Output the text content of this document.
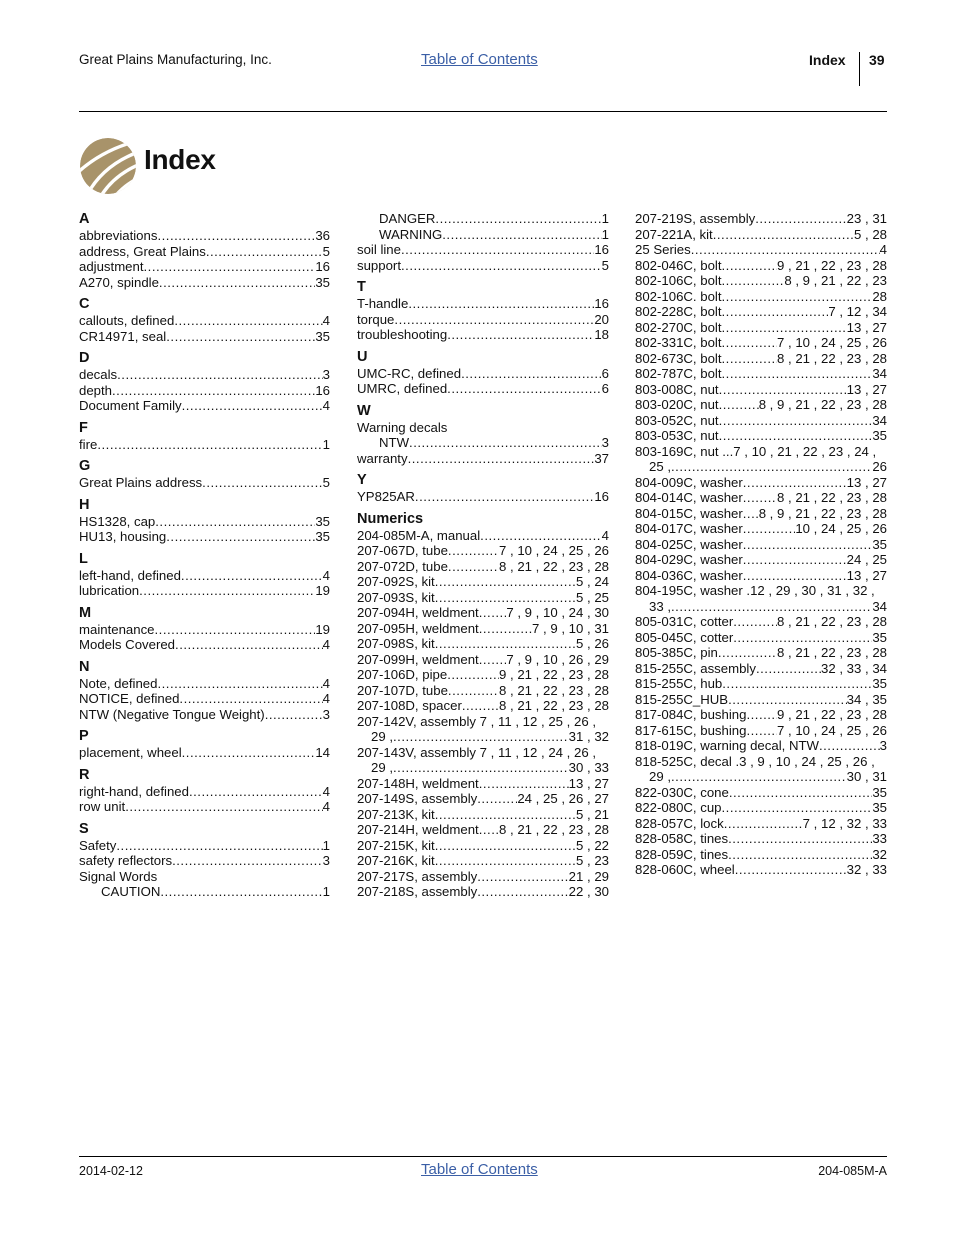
Great Plains Manufacturing, Inc.	Table of Contents	Index 39
Index
A
abbreviations .....	36
address, Great Plains .....	5
adjustment .....	16
A270, spindle .....	35
C
callouts, defined .....	4
CR14971, seal .....	35
D
decals .....	3
depth .....	16
Document Family .....	4
F
fire .....	1
G
Great Plains address .....	5
H
HS1328, cap .....	35
HU13, housing .....	35
L
left-hand, defined .....	4
lubrication .....	19
M
maintenance .....	19
Models Covered .....	4
N
Note, defined .....	4
NOTICE, defined .....	4
NTW (Negative Tongue Weight) .....	3
P
placement, wheel .....	14
R
right-hand, defined .....	4
row unit .....	4
S
Safety .....	1
safety reflectors .....	3
Signal Words
CAUTION .....	1
DANGER .....	1
WARNING .....	1
soil line .....	16
support .....	5
T
T-handle .....	16
torque .....	20
troubleshooting .....	18
U
UMC-RC, defined .....	6
UMRC, defined .....	6
W
Warning decals
NTW .....	3
warranty .....	37
Y
YP825AR .....	16
Numerics
204-085M-A, manual .....	4
207-067D, tube .....	7 , 10 , 24 , 25 , 26
207-072D, tube .....	8 , 21 , 22 , 23 , 28
207-092S, kit .....	5 , 24
207-093S, kit .....	5 , 25
207-094H, weldment ..... 7 , 9 , 10 , 24 , 30
207-095H, weldment .....	7 , 9 , 10 , 31
207-098S, kit .....	5 , 26
207-099H, weldment ..... 7 , 9 , 10 , 26 , 29
207-106D, pipe .....	9 , 21 , 22 , 23 , 28
207-107D, tube .....	8 , 21 , 22 , 23 , 28
207-108D, spacer .....	8 , 21 , 22 , 23 , 28
207-142V, assembly 7 , 11 , 12 , 25 , 26 ,
29 , .....	31 , 32
207-143V, assembly 7 , 11 , 12 , 24 , 26 ,
29 , .....	30 , 33
207-148H, weldment .....	13 , 27
207-149S, assembly .....	24 , 25 , 26 , 27
207-213K, kit .....	5 , 21
207-214H, weldment ..... 8 , 21 , 22 , 23 , 28
207-215K, kit .....	5 , 22
207-216K, kit .....	5 , 23
207-217S, assembly .....	21 , 29
207-218S, assembly .....	22 , 30
207-219S, assembly .....	23 , 31
207-221A, kit .....	5 , 28
25 Series .....	4
802-046C, bolt .....	9 , 21 , 22 , 23 , 28
802-106C, bolt .....	8 , 9 , 21 , 22 , 23
802-106C. bolt .....	28
802-228C, bolt .....	7 , 12 , 34
802-270C, bolt .....	13 , 27
802-331C, bolt .....	7 , 10 , 24 , 25 , 26
802-673C, bolt .....	8 , 21 , 22 , 23 , 28
802-787C, bolt .....	34
803-008C, nut .....	13 , 27
803-020C, nut .....	8 , 9 , 21 , 22 , 23 , 28
803-052C, nut .....	34
803-053C, nut .....	35
803-169C, nut ...7 , 10 , 21 , 22 , 23 , 24 ,
25 , .....	26
804-009C, washer .....	13 , 27
804-014C, washer .....	8 , 21 , 22 , 23 , 28
804-015C, washer ..... 8 , 9 , 21 , 22 , 23 , 28
804-017C, washer .....	10 , 24 , 25 , 26
804-025C, washer .....	35
804-029C, washer .....	24 , 25
804-036C, washer .....	13 , 27
804-195C, washer .12 , 29 , 30 , 31 , 32 ,
33 , .....	34
805-031C, cotter .....	8 , 21 , 22 , 23 , 28
805-045C, cotter .....	35
805-385C, pin .....	8 , 21 , 22 , 23 , 28
815-255C, assembly .....	32 , 33 , 34
815-255C, hub .....	35
815-255C_HUB .....	34 , 35
817-084C, bushing ..... 9 , 21 , 22 , 23 , 28
817-615C, bushing ..... 7 , 10 , 24 , 25 , 26
818-019C, warning decal, NTW .....	3
818-525C, decal .3 , 9 , 10 , 24 , 25 , 26 ,
29 , .....	30 , 31
822-030C, cone .....	35
822-080C, cup .....	35
828-057C, lock .....	7 , 12 , 32 , 33
828-058C, tines .....	33
828-059C, tines .....	32
828-060C, wheel .....	32 , 33
2014-02-12	Table of Contents	204-085M-A
